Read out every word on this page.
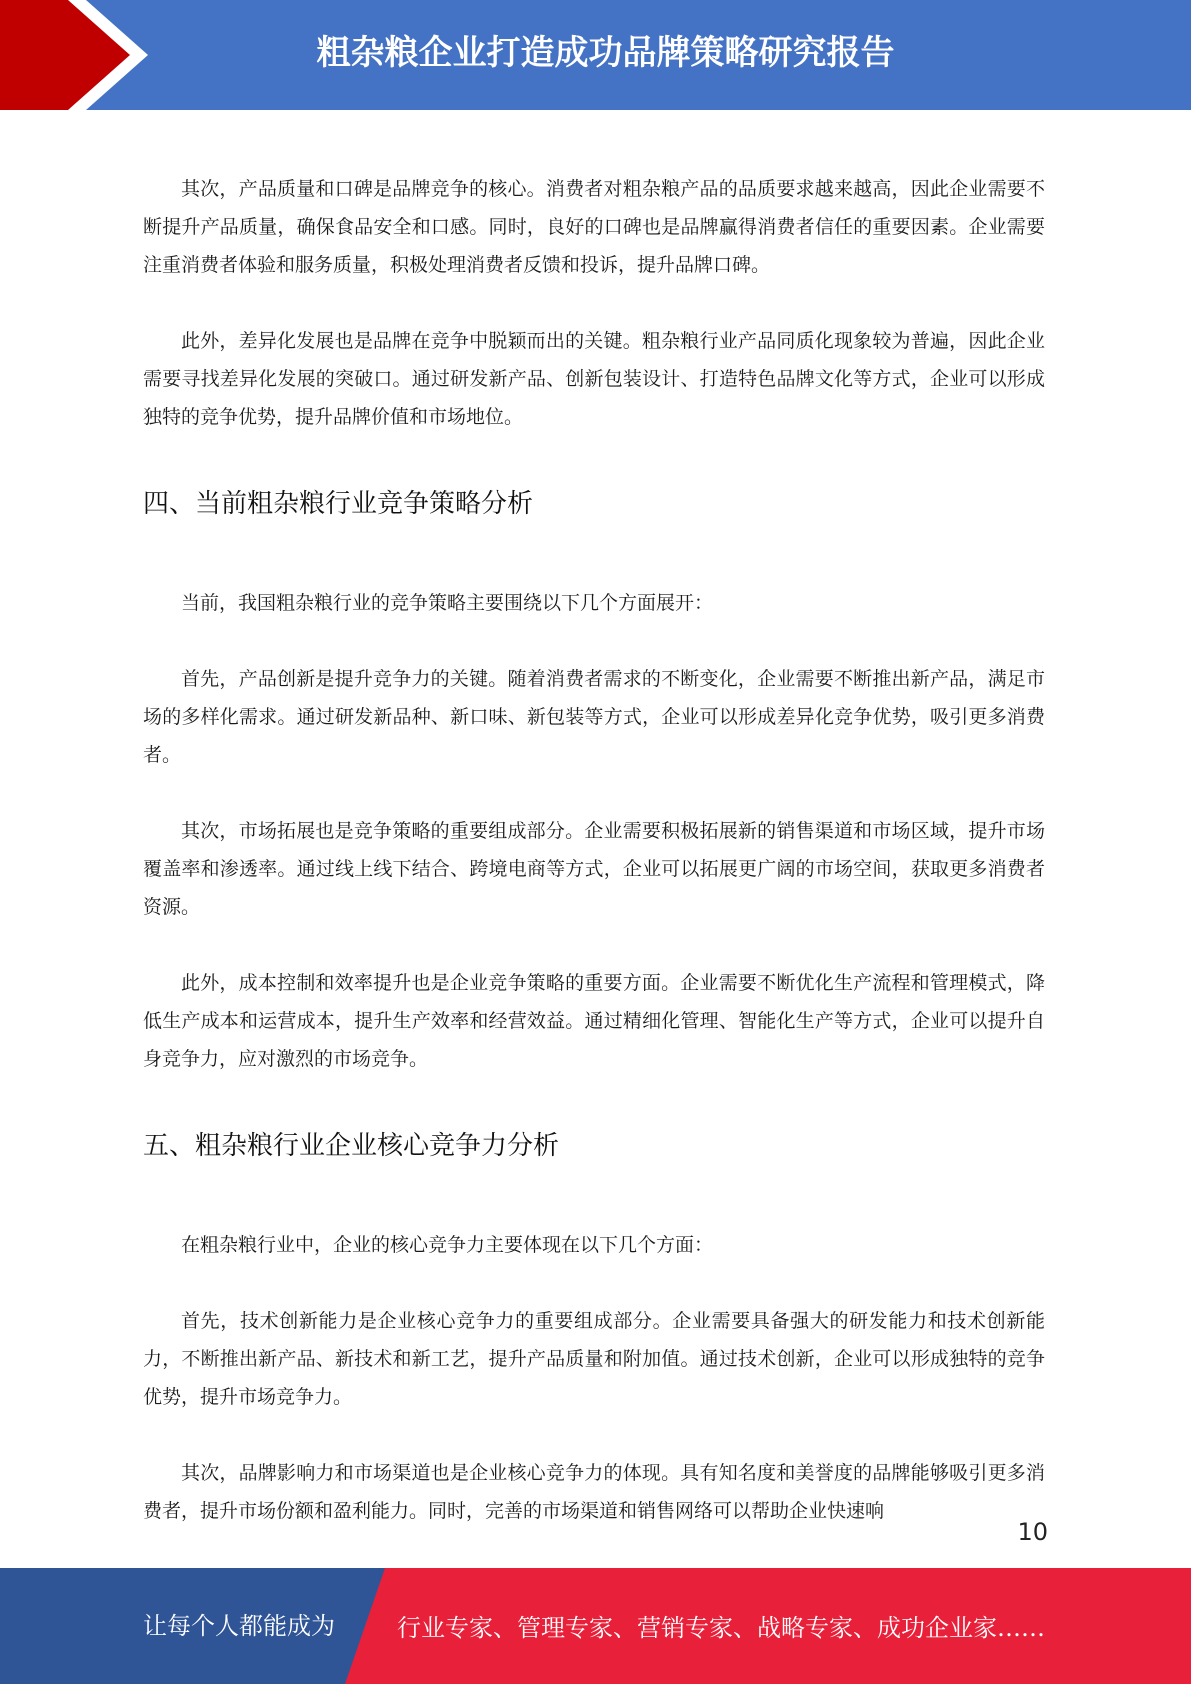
粗杂粮企业打造成功品牌策略研究报告

其次，产品质量和口碑是品牌竞争的核心。消费者对粗杂粮产品的品质要求越来越高，因此企业需要不断提升产品质量，确保食品安全和口感。同时，良好的口碑也是品牌赢得消费者信任的重要因素。企业需要注重消费者体验和服务质量，积极处理消费者反馈和投诉，提升品牌口碑。

此外，差异化发展也是品牌在竞争中脱颖而出的关键。粗杂粮行业产品同质化现象较为普遍，因此企业需要寻找差异化发展的突破口。通过研发新产品、创新包装设计、打造特色品牌文化等方式，企业可以形成独特的竞争优势，提升品牌价值和市场地位。

四、当前粗杂粮行业竞争策略分析

当前，我国粗杂粮行业的竞争策略主要围绕以下几个方面展开：

首先，产品创新是提升竞争力的关键。随着消费者需求的不断变化，企业需要不断推出新产品，满足市场的多样化需求。通过研发新品种、新口味、新包装等方式，企业可以形成差异化竞争优势，吸引更多消费者。

其次，市场拓展也是竞争策略的重要组成部分。企业需要积极拓展新的销售渠道和市场区域，提升市场覆盖率和渗透率。通过线上线下结合、跨境电商等方式，企业可以拓展更广阔的市场空间，获取更多消费者资源。

此外，成本控制和效率提升也是企业竞争策略的重要方面。企业需要不断优化生产流程和管理模式，降低生产成本和运营成本，提升生产效率和经营效益。通过精细化管理、智能化生产等方式，企业可以提升自身竞争力，应对激烈的市场竞争。

五、粗杂粮行业企业核心竞争力分析

在粗杂粮行业中，企业的核心竞争力主要体现在以下几个方面：

首先，技术创新能力是企业核心竞争力的重要组成部分。企业需要具备强大的研发能力和技术创新能力，不断推出新产品、新技术和新工艺，提升产品质量和附加值。通过技术创新，企业可以形成独特的竞争优势，提升市场竞争力。

其次，品牌影响力和市场渠道也是企业核心竞争力的体现。具有知名度和美誉度的品牌能够吸引更多消费者，提升市场份额和盈利能力。同时，完善的市场渠道和销售网络可以帮助企业快速响

10
让每个人都能成为	行业专家、管理专家、营销专家、战略专家、成功企业家……
